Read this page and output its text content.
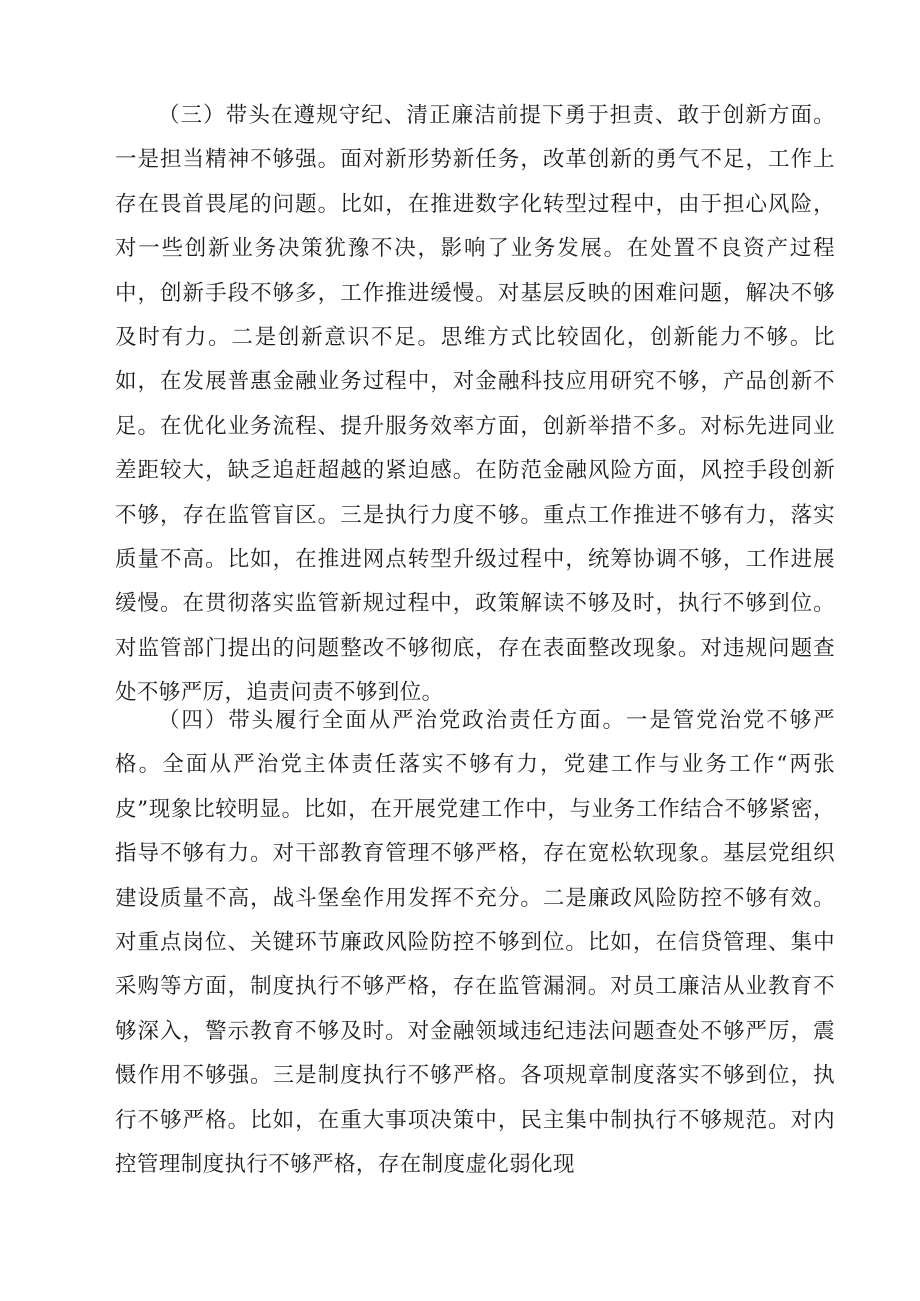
（三）带头在遵规守纪、清正廉洁前提下勇于担责、敢于创新方面。一是担当精神不够强。面对新形势新任务，改革创新的勇气不足，工作上存在畏首畏尾的问题。比如，在推进数字化转型过程中，由于担心风险，对一些创新业务决策犹豫不决，影响了业务发展。在处置不良资产过程中，创新手段不够多，工作推进缓慢。对基层反映的困难问题，解决不够及时有力。二是创新意识不足。思维方式比较固化，创新能力不够。比如，在发展普惠金融业务过程中，对金融科技应用研究不够，产品创新不足。在优化业务流程、提升服务效率方面，创新举措不多。对标先进同业差距较大，缺乏追赶超越的紧迫感。在防范金融风险方面，风控手段创新不够，存在监管盲区。三是执行力度不够。重点工作推进不够有力，落实质量不高。比如，在推进网点转型升级过程中，统筹协调不够，工作进展缓慢。在贯彻落实监管新规过程中，政策解读不够及时，执行不够到位。对监管部门提出的问题整改不够彻底，存在表面整改现象。对违规问题查处不够严厉，追责问责不够到位。

（四）带头履行全面从严治党政治责任方面。一是管党治党不够严格。全面从严治党主体责任落实不够有力，党建工作与业务工作“两张皮”现象比较明显。比如，在开展党建工作中，与业务工作结合不够紧密，指导不够有力。对干部教育管理不够严格，存在宽松软现象。基层党组织建设质量不高，战斗堡垒作用发挥不充分。二是廉政风险防控不够有效。对重点岗位、关键环节廉政风险防控不够到位。比如，在信贷管理、集中采购等方面，制度执行不够严格，存在监管漏洞。对员工廉洁从业教育不够深入，警示教育不够及时。对金融领域违纪违法问题查处不够严厉，震慑作用不够强。三是制度执行不够严格。各项规章制度落实不够到位，执行不够严格。比如，在重大事项决策中，民主集中制执行不够规范。对内控管理制度执行不够严格，存在制度虚化弱化现
